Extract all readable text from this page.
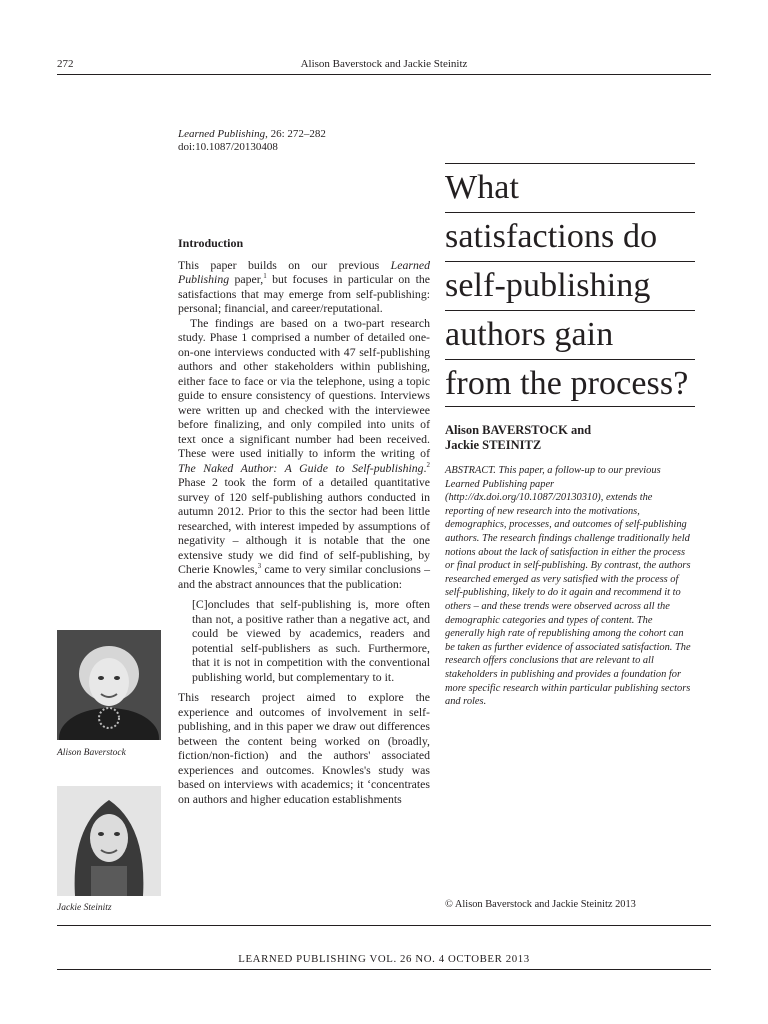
272	Alison Baverstock and Jackie Steinitz
Learned Publishing, 26: 272–282
doi:10.1087/20130408
What
satisfactions do
self-publishing
authors gain
from the process?
Alison BAVERSTOCK and
Jackie STEINITZ
ABSTRACT. This paper, a follow-up to our previous Learned Publishing paper (http://dx.doi.org/10.1087/20130310), extends the reporting of new research into the motivations, demographics, processes, and outcomes of self-publishing authors. The research findings challenge traditionally held notions about the lack of satisfaction in either the process or final product in self-publishing. By contrast, the authors researched emerged as very satisfied with the process of self-publishing, likely to do it again and recommend it to others – and these trends were observed across all the demographic categories and types of content. The generally high rate of republishing among the cohort can be taken as further evidence of associated satisfaction. The research offers conclusions that are relevant to all stakeholders in publishing and provides a foundation for more specific research within particular publishing sectors and roles.
© Alison Baverstock and Jackie Steinitz 2013
Introduction

This paper builds on our previous Learned Publishing paper,$^1$ but focuses in particular on the satisfactions that may emerge from self-publishing: personal; financial, and career/reputational.

The findings are based on a two-part research study. Phase 1 comprised a number of detailed one-on-one interviews conducted with 47 self-publishing authors and other stakeholders within publishing, either face to face or via the telephone, using a topic guide to ensure consistency of questions. Interviews were written up and checked with the interviewee before finalizing, and only compiled into units of text once a significant number had been received. These were used initially to inform the writing of The Naked Author: A Guide to Self-publishing.$^2$ Phase 2 took the form of a detailed quantitative survey of 120 self-publishing authors conducted in autumn 2012. Prior to this the sector had been little researched, with interest impeded by assumptions of negativity – although it is notable that the one extensive study we did find of self-publishing, by Cherie Knowles,$^3$ came to very similar conclusions – and the abstract announces that the publication:

[C]oncludes that self-publishing is, more often than not, a positive rather than a negative act, and could be viewed by academics, readers and potential self-publishers as such. Furthermore, that it is not in competition with the conventional publishing world, but complementary to it.

This research project aimed to explore the experience and outcomes of involvement in self-publishing, and in this paper we draw out differences between the content being worked on (broadly, fiction/non-fiction) and the authors' associated experiences and outcomes. Knowles's study was based on interviews with academics; it ‘concentrates on authors and higher education establishments

Alison Baverstock
Jackie Steinitz
LEARNED PUBLISHING VOL. 26 NO. 4 OCTOBER 2013
